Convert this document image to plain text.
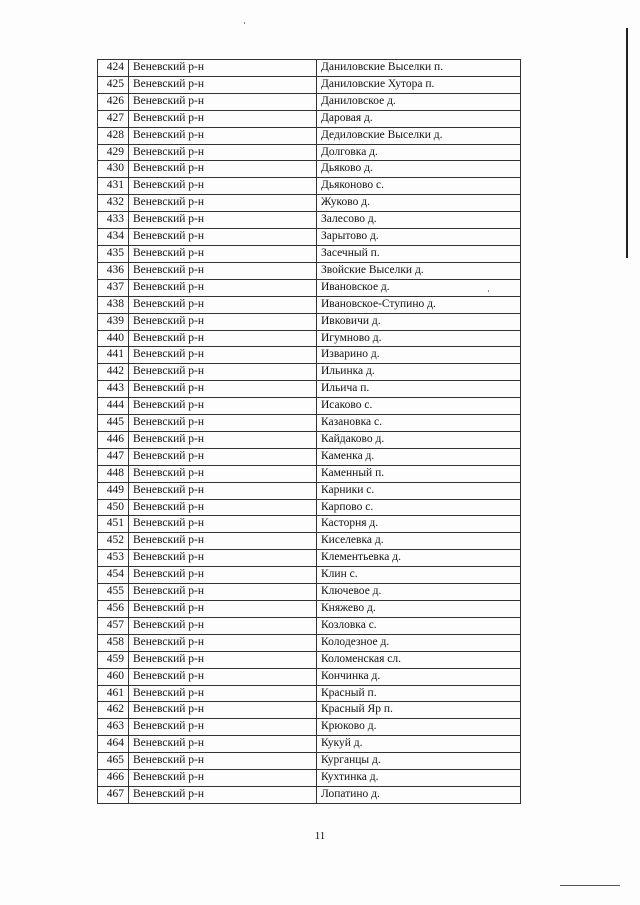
424	Веневский р-н	Даниловские Выселки п.
425	Веневский р-н	Даниловские Хутора п.
426	Веневский р-н	Даниловское д.
427	Веневский р-н	Даровая д.
428	Веневский р-н	Дедиловские Выселки д.
429	Веневский р-н	Долговка д.
430	Веневский р-н	Дьяково д.
431	Веневский р-н	Дьяконово с.
432	Веневский р-н	Жуково д.
433	Веневский р-н	Залесово д.
434	Веневский р-н	Зарытово д.
435	Веневский р-н	Засечный п.
436	Веневский р-н	Звойские Выселки д.
437	Веневский р-н	Ивановское д.
438	Веневский р-н	Ивановское-Ступино д.
439	Веневский р-н	Ивковичи д.
440	Веневский р-н	Игумново д.
441	Веневский р-н	Изварино д.
442	Веневский р-н	Ильинка д.
443	Веневский р-н	Ильича п.
444	Веневский р-н	Исаково с.
445	Веневский р-н	Казановка с.
446	Веневский р-н	Кайдаково д.
447	Веневский р-н	Каменка д.
448	Веневский р-н	Каменный п.
449	Веневский р-н	Карники с.
450	Веневский р-н	Карпово с.
451	Веневский р-н	Касторня д.
452	Веневский р-н	Киселевка д.
453	Веневский р-н	Клементьевка д.
454	Веневский р-н	Клин с.
455	Веневский р-н	Ключевое д.
456	Веневский р-н	Княжево д.
457	Веневский р-н	Козловка с.
458	Веневский р-н	Колодезное д.
459	Веневский р-н	Коломенская сл.
460	Веневский р-н	Кончинка д.
461	Веневский р-н	Красный п.
462	Веневский р-н	Красный Яр п.
463	Веневский р-н	Крюково д.
464	Веневский р-н	Кукуй д.
465	Веневский р-н	Курганцы д.
466	Веневский р-н	Кухтинка д.
467	Веневский р-н	Лопатино д.
11
